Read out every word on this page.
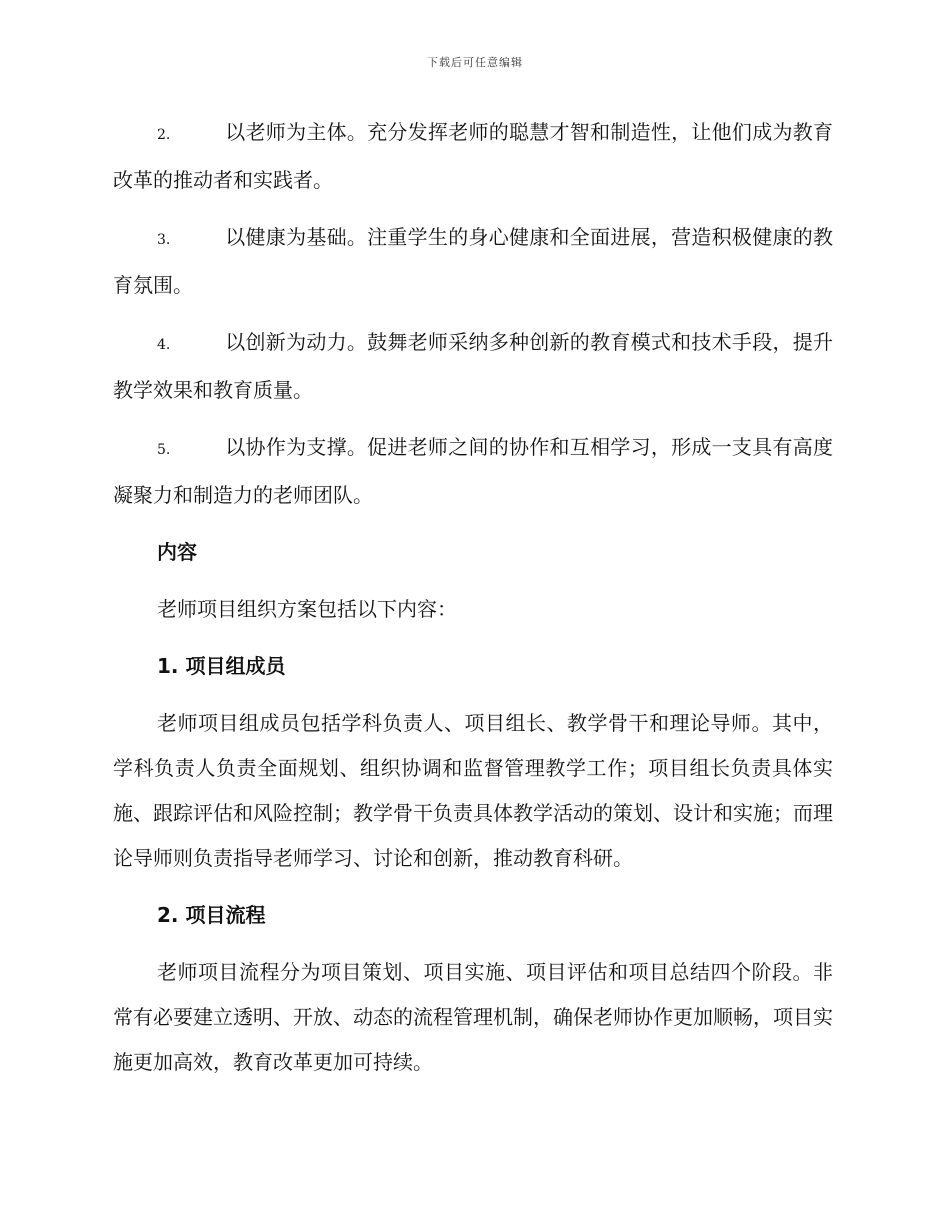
下载后可任意编辑

2.	以老师为主体。充分发挥老师的聪慧才智和制造性，让他们成为教育改革的推动者和实践者。

3.	以健康为基础。注重学生的身心健康和全面进展，营造积极健康的教育氛围。

4.	以创新为动力。鼓舞老师采纳多种创新的教育模式和技术手段，提升教学效果和教育质量。

5.	以协作为支撑。促进老师之间的协作和互相学习，形成一支具有高度凝聚力和制造力的老师团队。

内容

老师项目组织方案包括以下内容：

1. 项目组成员

老师项目组成员包括学科负责人、项目组长、教学骨干和理论导师。其中，学科负责人负责全面规划、组织协调和监督管理教学工作；项目组长负责具体实施、跟踪评估和风险控制；教学骨干负责具体教学活动的策划、设计和实施；而理论导师则负责指导老师学习、讨论和创新，推动教育科研。

2. 项目流程

老师项目流程分为项目策划、项目实施、项目评估和项目总结四个阶段。非常有必要建立透明、开放、动态的流程管理机制，确保老师协作更加顺畅，项目实施更加高效，教育改革更加可持续。
